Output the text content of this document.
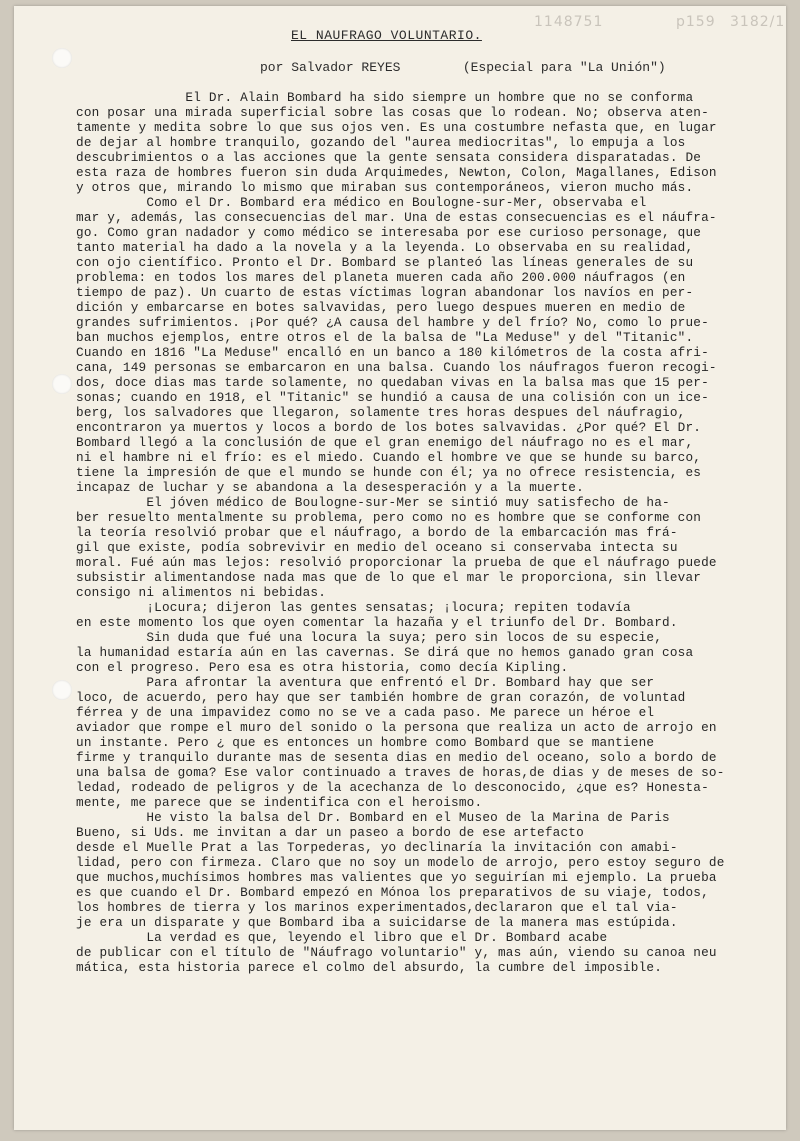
1148751	p159 3182/1
EL NAUFRAGO VOLUNTARIO.
por Salvador REYES        (Especial para "La Unión")
El Dr. Alain Bombard ha sido siempre un hombre que no se conforma
con posar una mirada superficial sobre las cosas que lo rodean. No; observa aten-
tamente y medita sobre lo que sus ojos ven. Es una costumbre nefasta que, en lugar
de dejar al hombre tranquilo, gozando del "aurea mediocritas", lo empuja a los
descubrimientos o a las acciones que la gente sensata considera disparatadas. De
esta raza de hombres fueron sin duda Arquimedes, Newton, Colon, Magallanes, Edison
y otros que, mirando lo mismo que miraban sus contemporáneos, vieron mucho más.
Como el Dr. Bombard era médico en Boulogne-sur-Mer, observaba el
mar y, además, las consecuencias del mar. Una de estas consecuencias es el náufra-
go. Como gran nadador y como médico se interesaba por ese curioso personage, que
tanto material ha dado a la novela y a la leyenda. Lo observaba en su realidad,
con ojo científico. Pronto el Dr. Bombard se planteó las líneas generales de su
problema: en todos los mares del planeta mueren cada año 200.000 náufragos (en
tiempo de paz). Un cuarto de estas víctimas logran abandonar los navíos en per-
dición y embarcarse en botes salvavidas, pero luego despues mueren en medio de
grandes sufrimientos. ¡Por qué? ¿A causa del hambre y del frío? No, como lo prue-
ban muchos ejemplos, entre otros el de la balsa de "La Meduse" y del "Titanic".
Cuando en 1816 "La Meduse" encalló en un banco a 180 kilómetros de la costa afri-
cana, 149 personas se embarcaron en una balsa. Cuando los náufragos fueron recogi-
dos, doce dias mas tarde solamente, no quedaban vivas en la balsa mas que 15 per-
sonas; cuando en 1918, el "Titanic" se hundió a causa de una colisión con un ice-
berg, los salvadores que llegaron, solamente tres horas despues del náufragio,
encontraron ya muertos y locos a bordo de los botes salvavidas. ¿Por qué? El Dr.
Bombard llegó a la conclusión de que el gran enemigo del náufrago no es el mar,
ni el hambre ni el frío: es el miedo. Cuando el hombre ve que se hunde su barco,
tiene la impresión de que el mundo se hunde con él; ya no ofrece resistencia, es
incapaz de luchar y se abandona a la desesperación y a la muerte.
El jóven médico de Boulogne-sur-Mer se sintió muy satisfecho de ha-
ber resuelto mentalmente su problema, pero como no es hombre que se conforme con
la teoría resolvió probar que el náufrago, a bordo de la embarcación mas frá-
gil que existe, podía sobrevivir en medio del oceano si conservaba intecta su
moral. Fué aún mas lejos: resolvió proporcionar la prueba de que el náufrago puede
subsistir alimentandose nada mas que de lo que el mar le proporciona, sin llevar
consigo ni alimentos ni bebidas.
¡Locura; dijeron las gentes sensatas; ¡locura; repiten todavía
en este momento los que oyen comentar la hazaña y el triunfo del Dr. Bombard.
Sin duda que fué una locura la suya; pero sin locos de su especie,
la humanidad estaría aún en las cavernas. Se dirá que no hemos ganado gran cosa
con el progreso. Pero esa es otra historia, como decía Kipling.
Para afrontar la aventura que enfrentó el Dr. Bombard hay que ser
loco, de acuerdo, pero hay que ser también hombre de gran corazón, de voluntad
férrea y de una impavidez como no se ve a cada paso. Me parece un héroe el
aviador que rompe el muro del sonido o la persona que realiza un acto de arrojo en
un instante. Pero ¿ que es entonces un hombre como Bombard que se mantiene
firme y tranquilo durante mas de sesenta dias en medio del oceano, solo a bordo de
una balsa de goma? Ese valor continuado a traves de horas,de dias y de meses de so-
ledad, rodeado de peligros y de la acechanza de lo desconocido, ¿que es? Honesta-
mente, me parece que se indentifica con el heroismo.
He visto la balsa del Dr. Bombard en el Museo de la Marina de Paris
Bueno, si Uds. me invitan a dar un paseo a bordo de ese artefacto
desde el Muelle Prat a las Torpederas, yo declinaría la invitación con amabi-
lidad, pero con firmeza. Claro que no soy un modelo de arrojo, pero estoy seguro de
que muchos,muchísimos hombres mas valientes que yo seguirían mi ejemplo. La prueba
es que cuando el Dr. Bombard empezó en Mónoa los preparativos de su viaje, todos,
los hombres de tierra y los marinos experimentados,declararon que el tal via-
je era un disparate y que Bombard iba a suicidarse de la manera mas estúpida.
La verdad es que, leyendo el libro que el Dr. Bombard acabe
de publicar con el título de "Náufrago voluntario" y, mas aún, viendo su canoa neu
mática, esta historia parece el colmo del absurdo, la cumbre del imposible.
